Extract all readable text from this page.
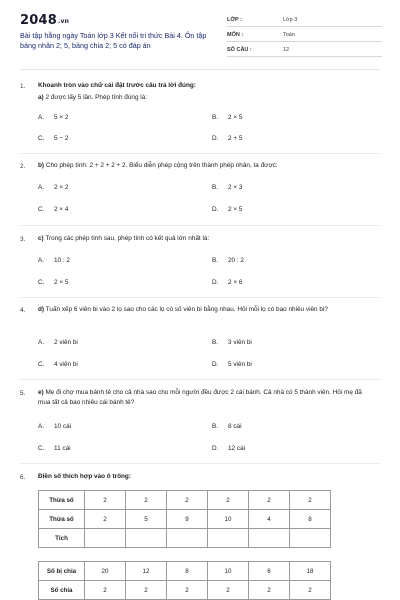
2048.vn
Bài tập hằng ngày Toán lớp 3 Kết nối tri thức Bài 4. Ôn tập bảng nhân 2; 5, bảng chia 2; 5 có đáp án
LỚP :	Lớp 3
MÔN :	Toán
SỐ CÂU :	12
1. Khoanh tròn vào chữ cái đặt trước câu trả lời đúng:
a) 2 được lấy 5 lần. Phép tính đúng là:
A. 5 × 2	B. 2 × 5
C. 5 − 2	D. 2 + 5
2. b) Cho phép tính: 2 + 2 + 2 + 2. Biểu diễn phép cộng trên thành phép nhân, ta được:
A. 2 × 2	B. 2 × 3
C. 2 × 4	D. 2 × 5
3. c) Trong các phép tính sau, phép tính có kết quả lớn nhất là:
A. 10 : 2	B. 20 : 2
C. 2 × 5	D. 2 × 6
4. d) Tuấn xếp 6 viên bi vào 2 lọ sao cho các lọ có số viên bi bằng nhau. Hỏi mỗi lọ có bao nhiêu viên bi?
A. 2 viên bi	B. 3 viên bi
C. 4 viên bi	D. 5 viên bi
5. e) Mẹ đi chợ mua bánh tẻ cho cả nhà sao cho mỗi người đều được 2 cái bánh. Cả nhà có 5 thành viên. Hỏi mẹ đã mua tất cả bao nhiêu cái bánh tẻ?
A. 10 cái	B. 8 cái
C. 11 cái	D. 12 cái
6. Điền số thích hợp vào ô trống:
Thừa số	2	2	2	2	2	2
Thừa số	2	5	9	10	4	8
Tích						
Số bị chia	20	12	8	10	6	18
Số chia	2	2	2	2	2	2
